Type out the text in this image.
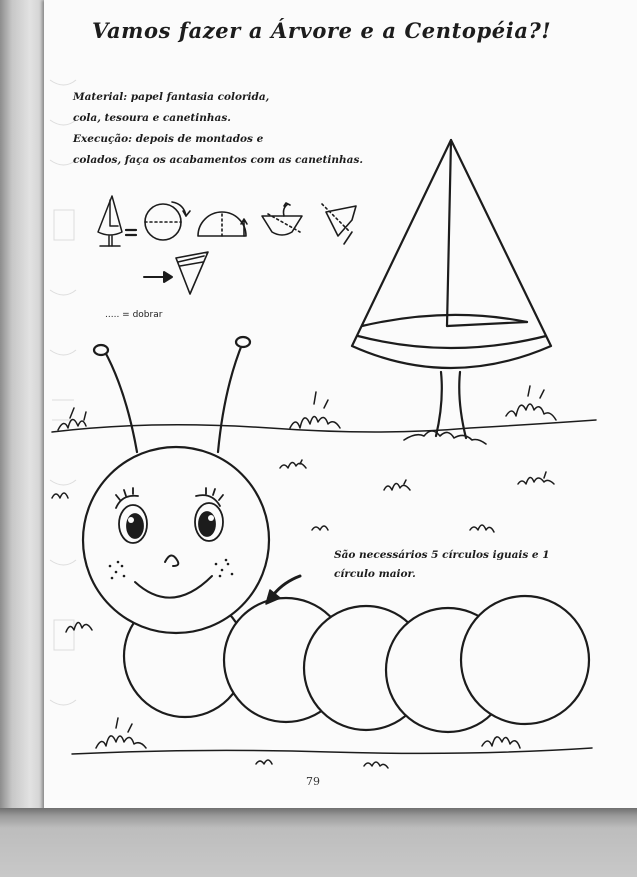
Vamos fazer a Árvore e a Centopéia?!
Material: papel fantasia colorida,
cola, tesoura e canetinhas.
Execução: depois de montados e
colados, faça os acabamentos com as canetinhas.
..... = dobrar
São necessários 5 círculos iguais e 1
círculo maior.
79
